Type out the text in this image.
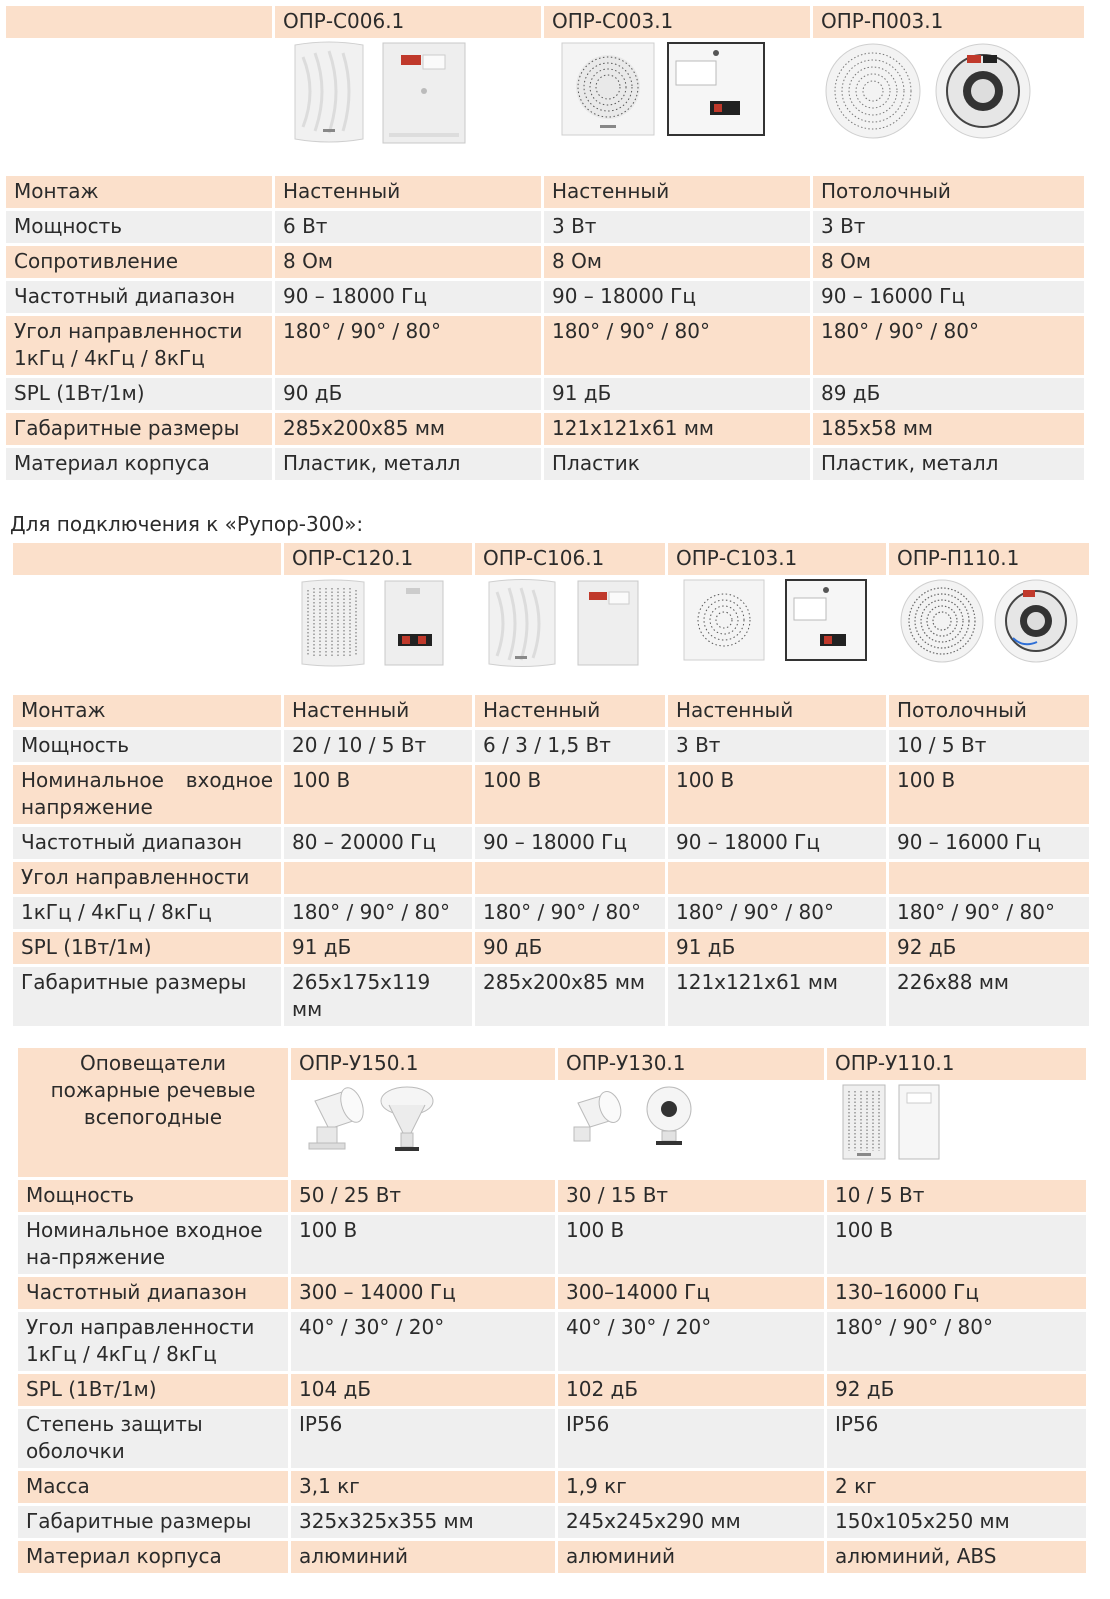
	ОПР-С006.1	ОПР-С003.1	ОПР-П003.1

Монтаж	Настенный	Настенный	Потолочный
Мощность	6 Вт	3 Вт	3 Вт
Сопротивление	8 Ом	8 Ом	8 Ом
Частотный диапазон	90 – 18000 Гц	90 – 18000 Гц	90 – 16000 Гц
Угол направленности 1кГц / 4кГц / 8кГц	180° / 90° / 80°	180° / 90° / 80°	180° / 90° / 80°
SPL (1Вт/1м)	90 дБ	91 дБ	89 дБ
Габаритные размеры	285х200х85 мм	121х121х61 мм	185х58 мм
Материал корпуса	Пластик, металл	Пластик	Пластик, металл
Для подключения к «Рупор-300»:
	ОПР-С120.1	ОПР-С106.1	ОПР-С103.1	ОПР-П110.1

Монтаж	Настенный	Настенный	Настенный	Потолочный
Мощность	20 / 10 / 5 Вт	6 / 3 / 1,5 Вт	3 Вт	10 / 5 Вт
Номинальное входное напряжение	100 В	100 В	100 В	100 В
Частотный диапазон	80 – 20000 Гц	90 – 18000 Гц	90 – 18000 Гц	90 – 16000 Гц
Угол направленности				
1кГц / 4кГц / 8кГц	180° / 90° / 80°	180° / 90° / 80°	180° / 90° / 80°	180° / 90° / 80°
SPL (1Вт/1м)	91 дБ	90 дБ	91 дБ	92 дБ
Габаритные размеры	265х175х119 мм	285х200х85 мм	121х121х61 мм	226х88 мм
Оповещатели пожарные речевые всепогодные	ОПР-У150.1	ОПР-У130.1	ОПР-У110.1

Мощность	50 / 25 Вт	30 / 15 Вт	10 / 5 Вт
Номинальное входное на-пряжение	100 В	100 В	100 В
Частотный диапазон	300 – 14000 Гц	300–14000 Гц	130–16000 Гц
Угол направленности 1кГц / 4кГц / 8кГц	40° / 30° / 20°	40° / 30° / 20°	180° / 90° / 80°
SPL (1Вт/1м)	104 дБ	102 дБ	92 дБ
Степень защиты оболочки	IP56	IP56	IP56
Масса	3,1 кг	1,9 кг	2 кг
Габаритные размеры	325х325х355 мм	245х245х290 мм	150х105х250 мм
Материал корпуса	алюминий	алюминий	алюминий, ABS
